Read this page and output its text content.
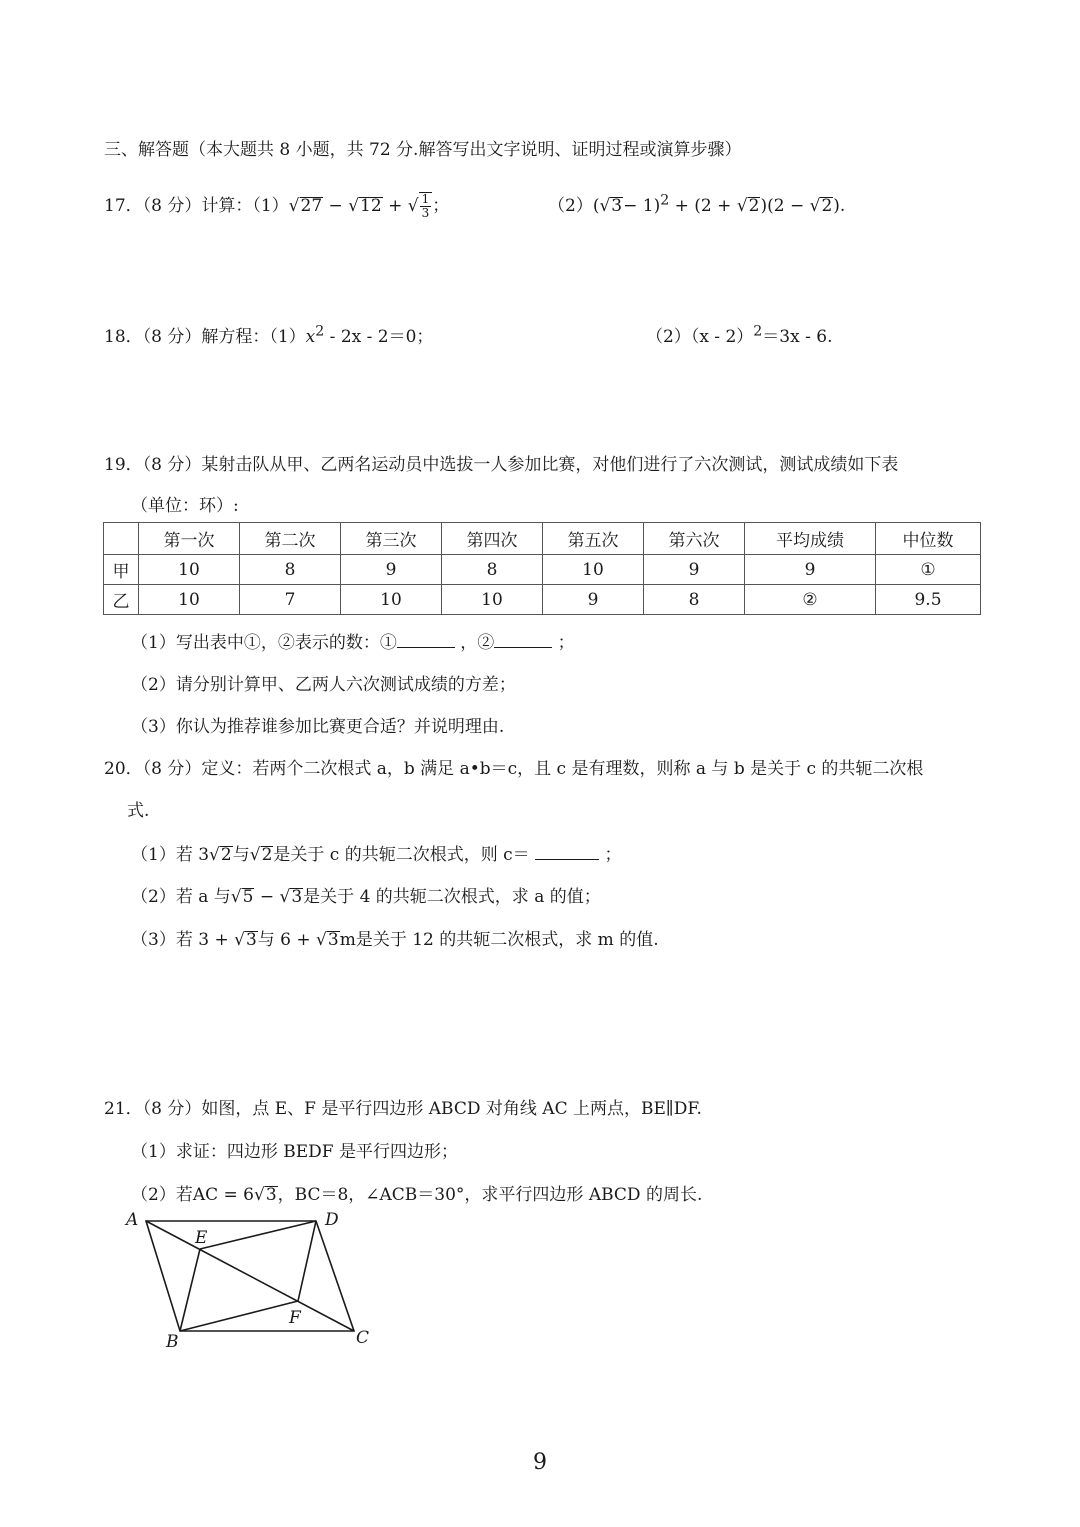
三、解答题（本大题共 8 小题，共 72 分.解答写出文字说明、证明过程或演算步骤）
17．（8 分）计算：（1）√27 − √12 + √ $\frac{1}{3}$ ；	$(2)(√3- 1)^2 + (2 + √2)(2 - √2)$.
18．（8 分）解方程：$(1)x^2 - 2x - 2=0$；	（2）（x - 2）$^2$＝3x - 6.
19．（8 分）某射击队从甲、乙两名运动员中选拔一人参加比赛，对他们进行了六次测试，测试成绩如下表
（单位：环）:
	第一次	第二次	第三次	第四次	第五次	第六次	平均成绩	中位数
甲	10	8	9	8	10	9	9	①
乙	10	7	10	10	9	8	②	9.5
（1）写出表中①，②表示的数：①	，②	；
（2）请分别计算甲、乙两人六次测试成绩的方差；
（3）你认为推荐谁参加比赛更合适？并说明理由.
20．（8 分）定义：若两个二次根式 a，b 满足 a•b＝c，且 c 是有理数，则称 a 与 b 是关于 c 的共轭二次根
式.
（1）若 3√2与√2是关于 c 的共轭二次根式，则 c＝	；
（2）若 a 与√5 − √3是关于 4 的共轭二次根式，求 a 的值；
（3）若 3 + √3与 6 + √3m是关于 12 的共轭二次根式，求 m 的值.
21．（8 分）如图，点 E、F 是平行四边形 ABCD 对角线 AC 上两点，BE∥DF.
（1）求证：四边形 BEDF 是平行四边形；
（2）若AC = 6√3，BC＝8，∠ACB＝30°，求平行四边形 ABCD 的周长.
A	D
E
F
B	C
9
